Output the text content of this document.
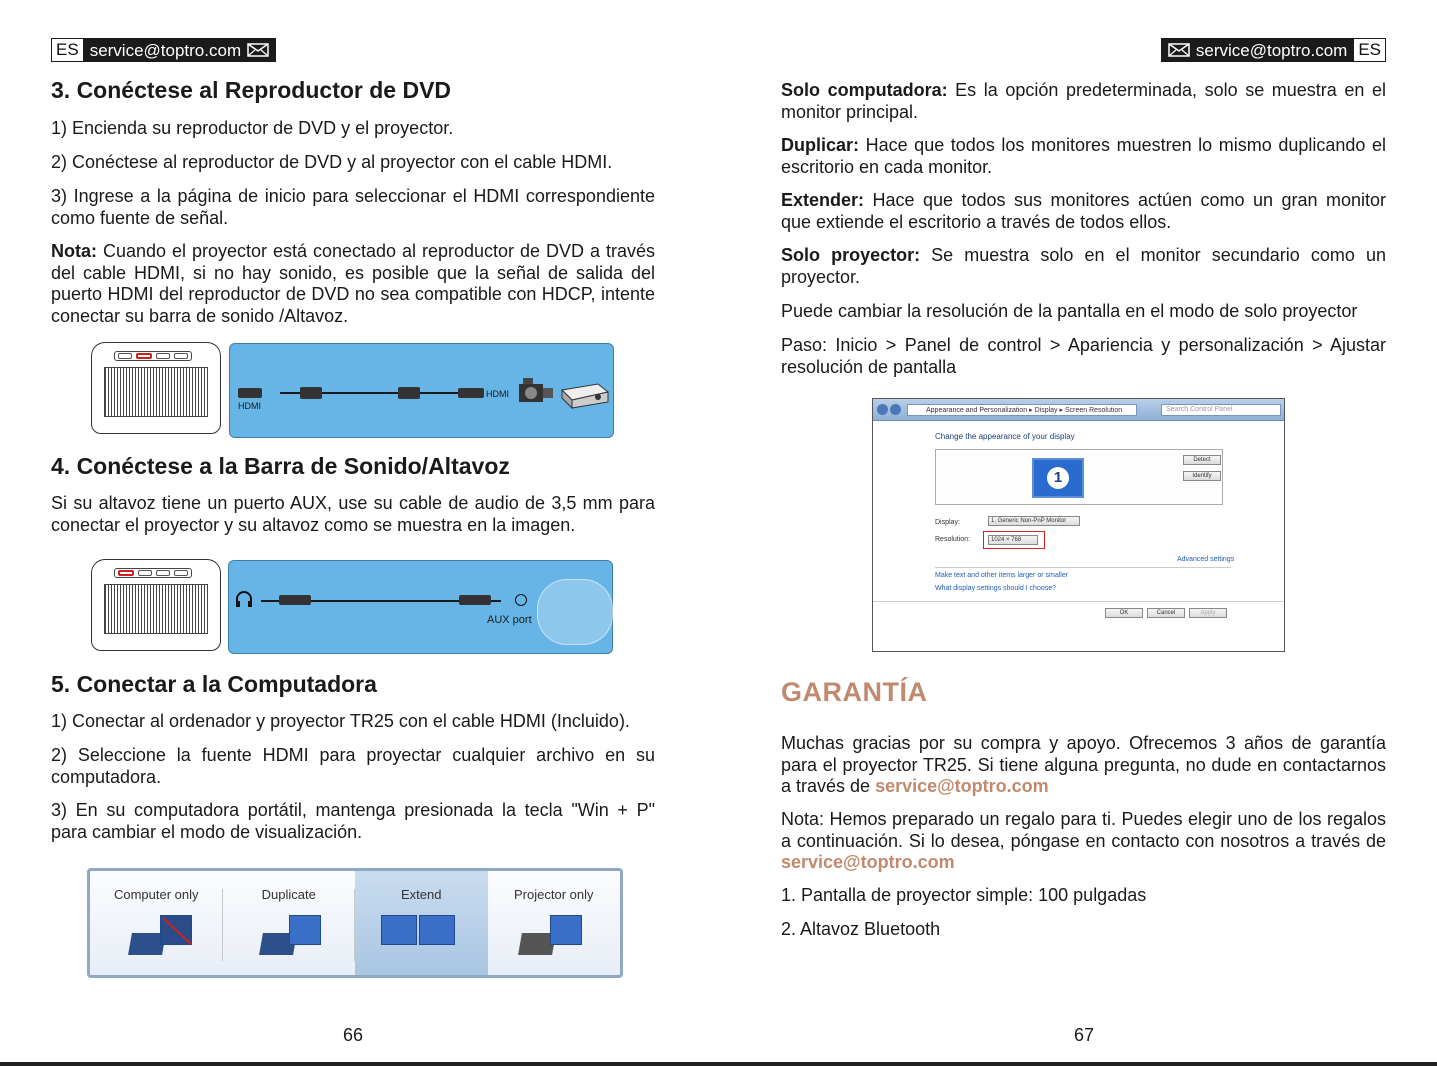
ES service@toptro.com
3. Conéctese al Reproductor de DVD

1) Encienda su reproductor de DVD y el proyector.

2) Conéctese al reproductor de DVD y al proyector con el cable HDMI.

3) Ingrese a la página de inicio para seleccionar el HDMI correspondiente como fuente de señal.

Nota: Cuando el proyector está conectado al reproductor de DVD a través del cable HDMI, si no hay sonido, es posible que la señal de salida del puerto HDMI del reproductor de DVD no sea compatible con HDCP, intente conectar su barra de sonido /Altavoz.

HDMI
HDMI
4. Conéctese a la Barra de Sonido/Altavoz

Si su altavoz tiene un puerto AUX, use su cable de audio de 3,5 mm para conectar el proyector y su altavoz como se muestra en la imagen.

AUX port
5. Conectar a la Computadora

1) Conectar al ordenador y proyector TR25 con el cable HDMI (Incluido).

2) Seleccione la fuente HDMI para proyectar cualquier archivo en su computadora.

3) En su computadora portátil, mantenga presionada la tecla "Win + P" para cambiar el modo de visualización.

Computer only	Duplicate	Extend	Projector only
66
service@toptro.com ES

Solo computadora: Es la opción predeterminada, solo se muestra en el monitor principal.

Duplicar: Hace que todos los monitores muestren lo mismo duplicando el escritorio en cada monitor.

Extender: Hace que todos sus monitores actúen como un gran monitor que extiende el escritorio a través de todos ellos.

Solo proyector: Se muestra solo en el monitor secundario como un proyector.

Puede cambiar la resolución de la pantalla en el modo de solo proyector

Paso: Inicio > Panel de control > Apariencia y personalización > Ajustar resolución de pantalla

Appearance and Personalization ▸ Display ▸ Screen Resolution	Search Control Panel
Change the appearance of your display
1
Detect
Identify
Display:	1. Generic Non-PnP Monitor
Resolution:	1024 × 768
Advanced settings
Make text and other items larger or smaller
What display settings should I choose?
OK	Cancel	Apply
GARANTÍA

Muchas gracias por su compra y apoyo. Ofrecemos 3 años de garantía para el proyector TR25. Si tiene alguna pregunta, no dude en contactarnos a través de service@toptro.com

Nota: Hemos preparado un regalo para ti. Puedes elegir uno de los regalos a continuación. Si lo desea, póngase en contacto con nosotros a través de service@toptro.com

1. Pantalla de proyector simple: 100 pulgadas

2. Altavoz Bluetooth

67
